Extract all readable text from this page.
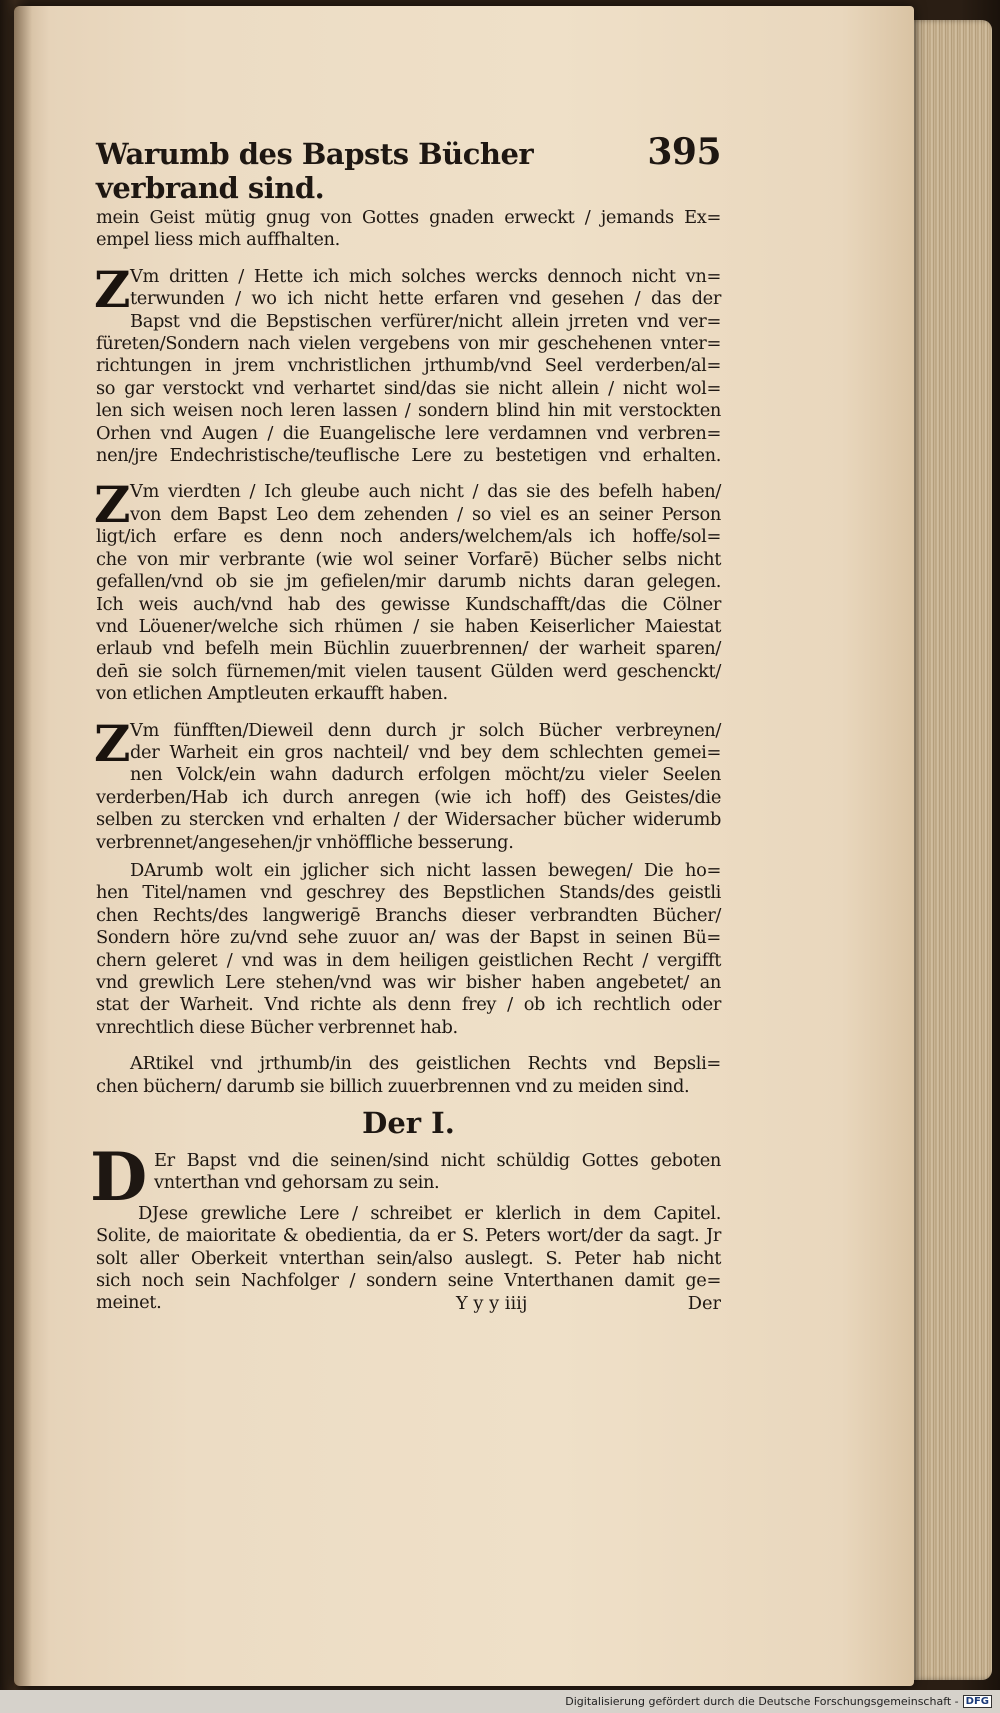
Warumb des Bapsts Bücher verbrand sind.
395
mein Geist mütig gnug von Gottes gnaden erweckt / jemands Ex=
empel liess mich auffhalten.
Z Vm dritten / Hette ich mich solches wercks dennoch nicht vn=
terwunden / wo ich nicht hette erfaren vnd gesehen / das der
Bapst vnd die Bepstischen verfürer/nicht allein jrreten vnd ver=
füreten/Sondern nach vielen vergebens von mir geschehenen vnter=
richtungen in jrem vnchristlichen jrthumb/vnd Seel verderben/al=
so gar verstockt vnd verhartet sind/das sie nicht allein / nicht wol=
len sich weisen noch leren lassen / sondern blind hin mit verstockten
Orhen vnd Augen / die Euangelische lere verdamnen vnd verbren=
nen/jre Endechristische/teuflische Lere zu bestetigen vnd erhalten.
Z Vm vierdten / Ich gleube auch nicht / das sie des befelh haben/
von dem Bapst Leo dem zehenden / so viel es an seiner Person
ligt/ich erfare es denn noch anders/welchem/als ich hoffe/sol=
che von mir verbrante (wie wol seiner Vorfarē) Bücher selbs nicht
gefallen/vnd ob sie jm gefielen/mir darumb nichts daran gelegen.
Ich weis auch/vnd hab des gewisse Kundschafft/das die Cölner
vnd Löuener/welche sich rhümen / sie haben Keiserlicher Maiestat
erlaub vnd befelh mein Büchlin zuuerbrennen/ der warheit sparen/
den̄ sie solch fürnemen/mit vielen tausent Gülden werd geschenckt/
von etlichen Amptleuten erkaufft haben.
Z Vm fünfften/Dieweil denn durch jr solch Bücher verbreynen/
der Warheit ein gros nachteil/ vnd bey dem schlechten gemei=
nen Volck/ein wahn dadurch erfolgen möcht/zu vieler Seelen
verderben/Hab ich durch anregen (wie ich hoff) des Geistes/die
selben zu stercken vnd erhalten / der Widersacher bücher widerumb
verbrennet/angesehen/jr vnhöffliche besserung.
DArumb wolt ein jglicher sich nicht lassen bewegen/ Die ho=
hen Titel/namen vnd geschrey des Bepstlichen Stands/des geistli
chen Rechts/des langwerigē Branchs dieser verbrandten Bücher/
Sondern höre zu/vnd sehe zuuor an/ was der Bapst in seinen Bü=
chern geleret / vnd was in dem heiligen geistlichen Recht / vergifft
vnd grewlich Lere stehen/vnd was wir bisher haben angebetet/ an
stat der Warheit. Vnd richte als denn frey / ob ich rechtlich oder
vnrechtlich diese Bücher verbrennet hab.
ARtikel vnd jrthumb/in des geistlichen Rechts vnd Bepsli=
chen büchern/ darumb sie billich zuuerbrennen vnd zu meiden sind.
Der I.
D Er Bapst vnd die seinen/sind nicht schüldig Gottes geboten
vnterthan vnd gehorsam zu sein.
DJese grewliche Lere / schreibet er klerlich in dem Capitel.
Solite, de maioritate & obedientia, da er S. Peters wort/der da sagt. Jr
solt aller Oberkeit vnterthan sein/also auslegt. S. Peter hab nicht
sich noch sein Nachfolger / sondern seine Vnterthanen damit ge=
meinet.	Y y y iiij	Der
Digitalisierung gefördert durch die Deutsche Forschungsgemeinschaft - DFG
